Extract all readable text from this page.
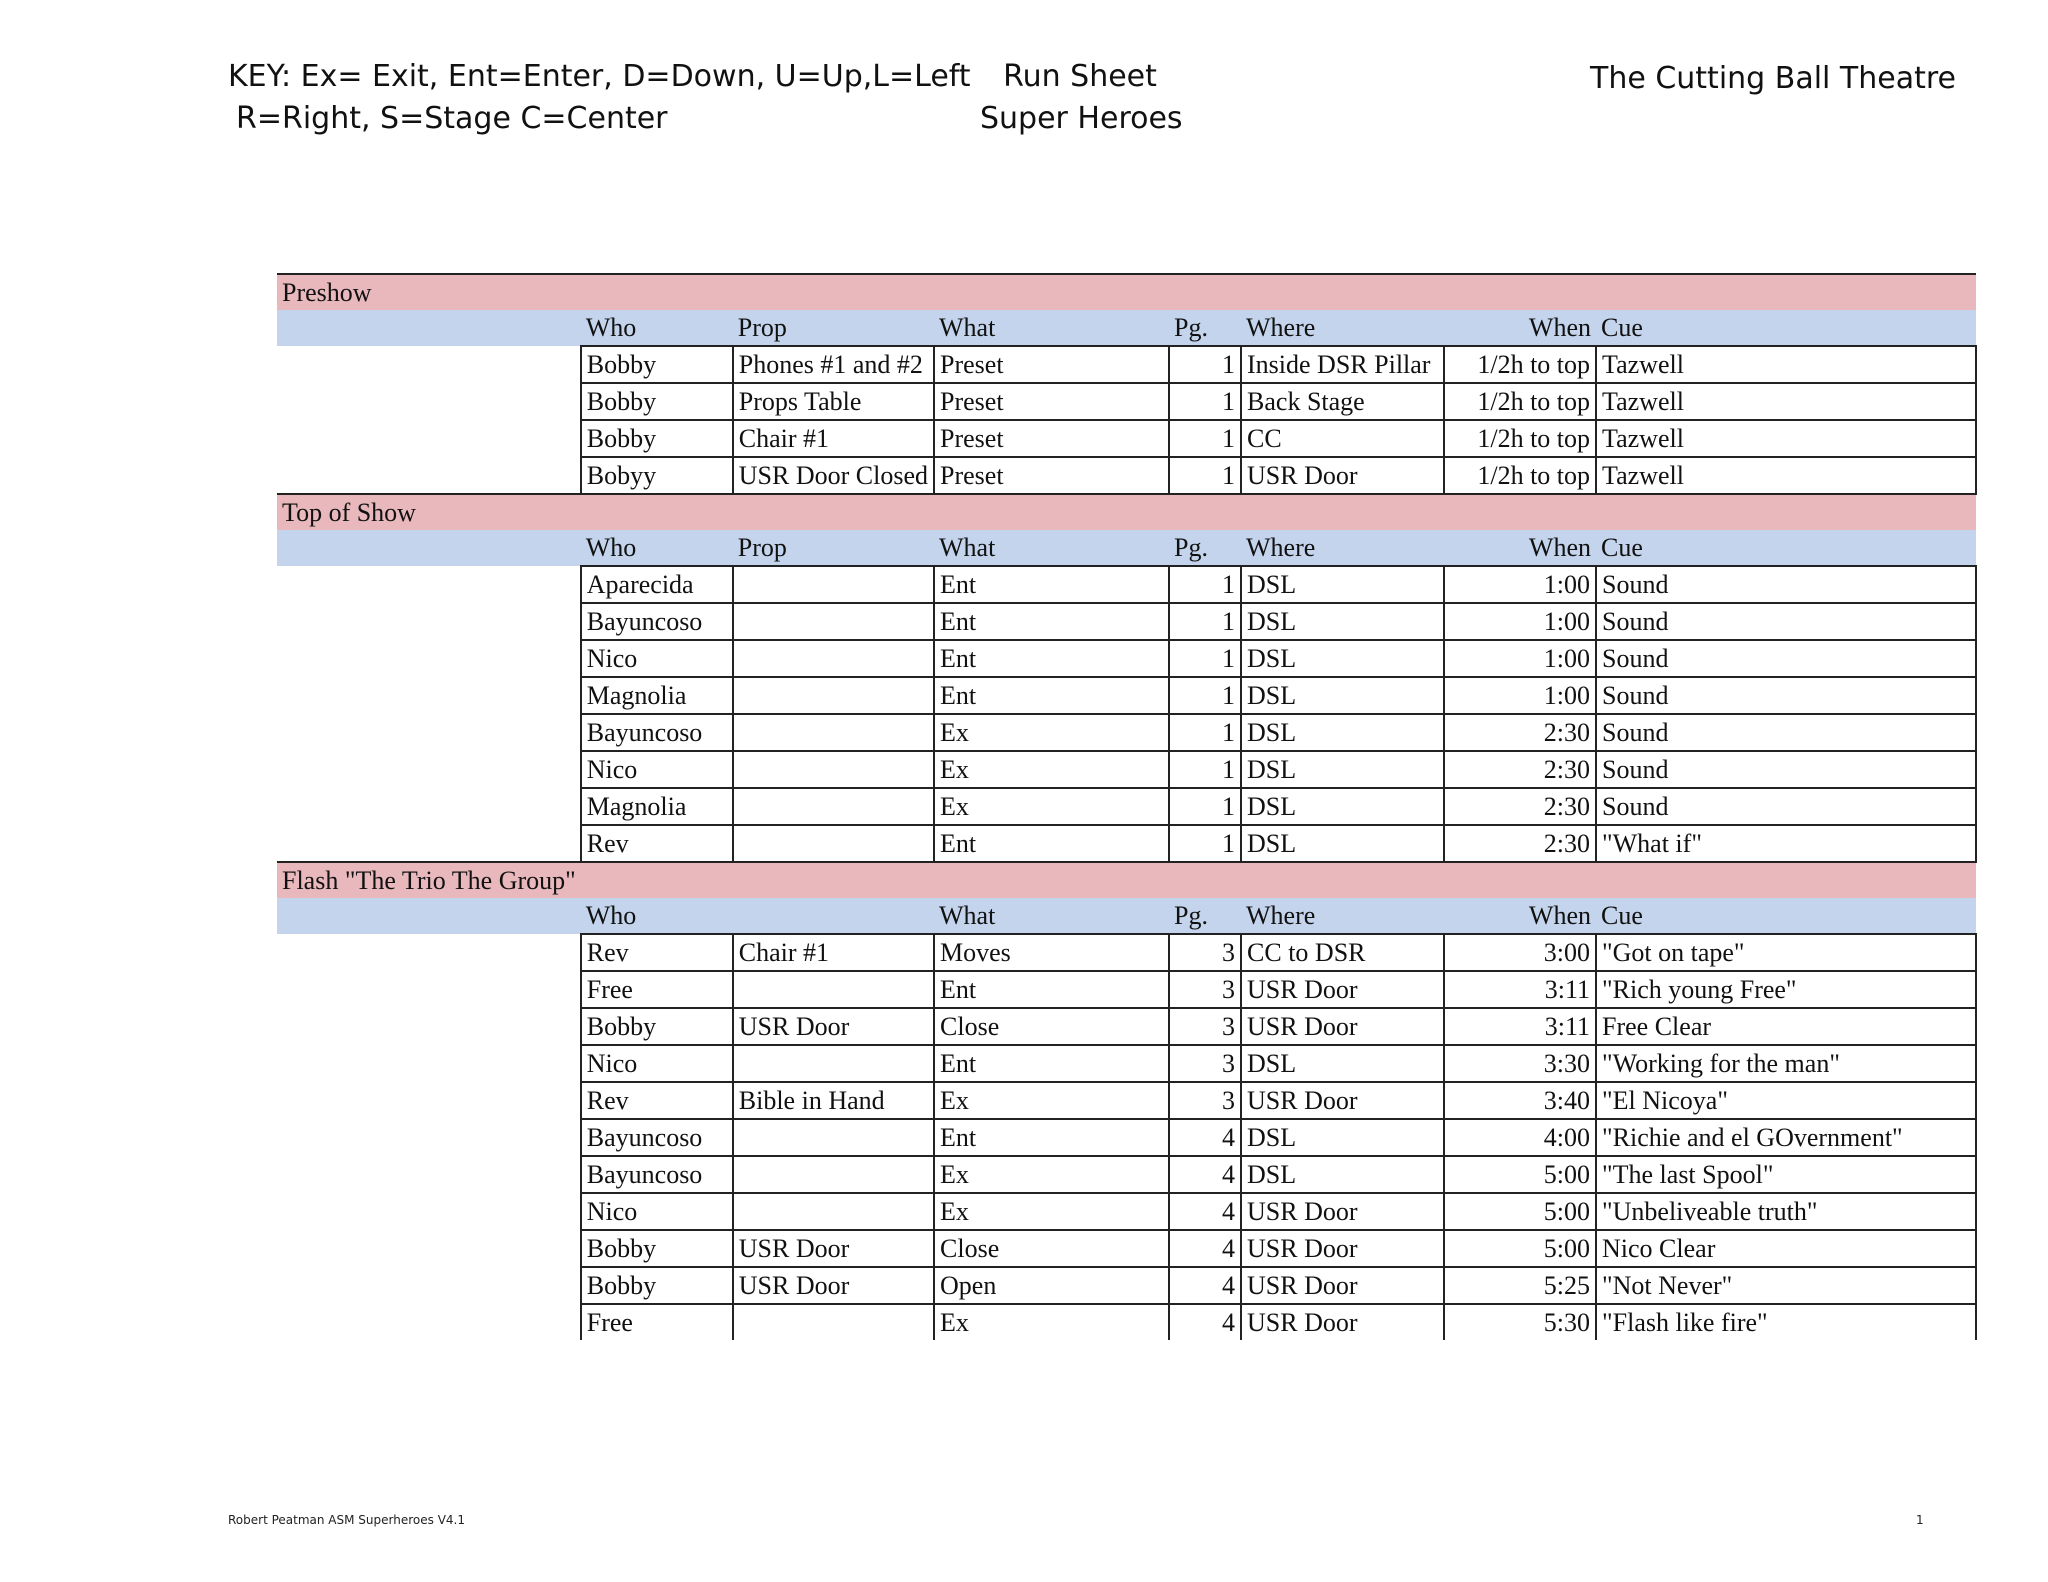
KEY: Ex= Exit, Ent=Enter, D=Down, U=Up,L=Left
R=Right, S=Stage C=Center
Run Sheet
Super Heroes
The Cutting Ball Theatre
Preshow							
	Who	Prop	What	Pg.	Where	When	Cue
	Bobby	Phones #1 and #2	Preset	1	Inside DSR Pillar	1/2h to top	Tazwell
	Bobby	Props Table	Preset	1	Back Stage	1/2h to top	Tazwell
	Bobby	Chair #1	Preset	1	CC	1/2h to top	Tazwell
	Bobyy	USR Door Closed	Preset	1	USR Door	1/2h to top	Tazwell
Top of Show							
	Who	Prop	What	Pg.	Where	When	Cue
	Aparecida		Ent	1	DSL	1:00	Sound
	Bayuncoso		Ent	1	DSL	1:00	Sound
	Nico		Ent	1	DSL	1:00	Sound
	Magnolia		Ent	1	DSL	1:00	Sound
	Bayuncoso		Ex	1	DSL	2:30	Sound
	Nico		Ex	1	DSL	2:30	Sound
	Magnolia		Ex	1	DSL	2:30	Sound
	Rev		Ent	1	DSL	2:30	"What if"
Flash "The Trio The Group"							
	Who		What	Pg.	Where	When	Cue
	Rev	Chair #1	Moves	3	CC to DSR	3:00	"Got on tape"
	Free		Ent	3	USR Door	3:11	"Rich young Free"
	Bobby	USR Door	Close	3	USR Door	3:11	Free Clear
	Nico		Ent	3	DSL	3:30	"Working for the man"
	Rev	Bible in Hand	Ex	3	USR Door	3:40	"El Nicoya"
	Bayuncoso		Ent	4	DSL	4:00	"Richie and el GOvernment"
	Bayuncoso		Ex	4	DSL	5:00	"The last Spool"
	Nico		Ex	4	USR Door	5:00	"Unbeliveable truth"
	Bobby	USR Door	Close	4	USR Door	5:00	Nico Clear
	Bobby	USR Door	Open	4	USR Door	5:25	"Not Never"
	Free		Ex	4	USR Door	5:30	"Flash like fire"
Robert Peatman ASM Superheroes V4.1	1
